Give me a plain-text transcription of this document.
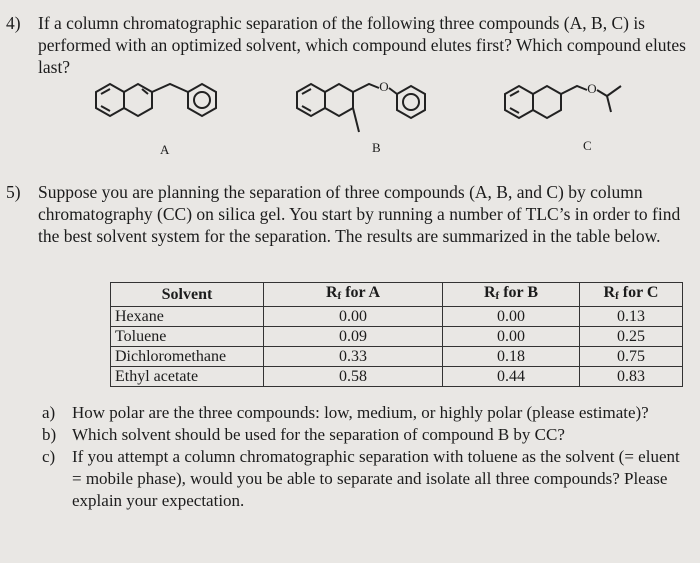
4) If a column chromatographic separation of the following three compounds (A, B, C) is performed with an optimized solvent, which compound elutes first? Which compound elutes last?
A
O
B
O
C
5) Suppose you are planning the separation of three compounds (A, B, and C) by column chromatography (CC) on silica gel. You start by running a number of TLC’s in order to find the best solvent system for the separation. The results are summarized in the table below.
Solvent	Rf for A	Rf for B	Rf for C
Hexane	0.00	0.00	0.13
Toluene	0.09	0.00	0.25
Dichloromethane	0.33	0.18	0.75
Ethyl acetate	0.58	0.44	0.83
a) How polar are the three compounds: low, medium, or highly polar (please estimate)?
b) Which solvent should be used for the separation of compound B by CC?
c) If you attempt a column chromatographic separation with toluene as the solvent (= eluent = mobile phase), would you be able to separate and isolate all three compounds? Please explain your expectation.
